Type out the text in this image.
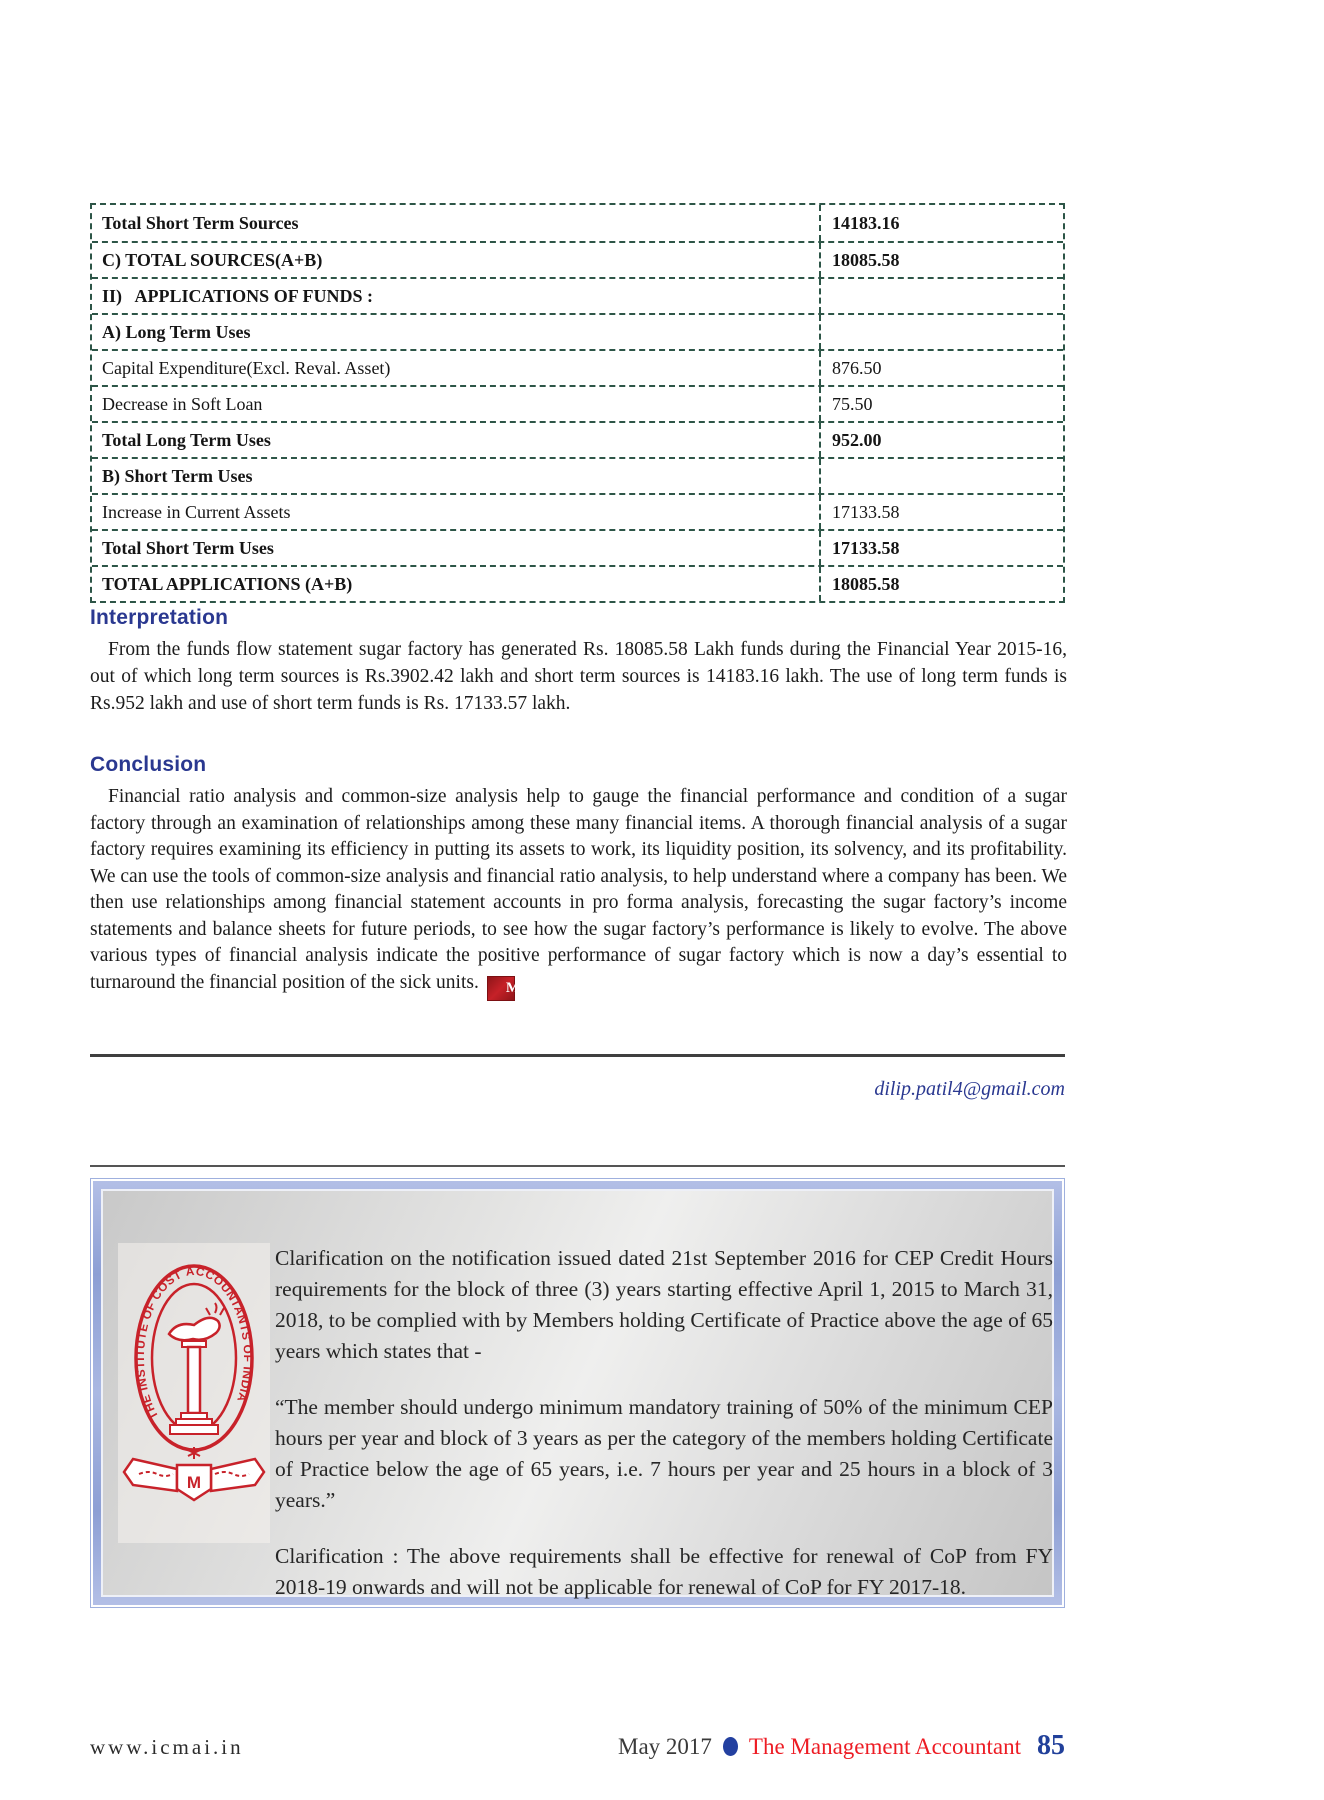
Total Short Term Sources	14183.16
C) TOTAL SOURCES(A+B)	18085.58
II)   APPLICATIONS OF FUNDS :
A) Long Term Uses
Capital Expenditure(Excl. Reval. Asset)	876.50
Decrease in Soft Loan	75.50
Total Long Term Uses	952.00
B) Short Term Uses
Increase in Current Assets	17133.58
Total Short Term Uses	17133.58
TOTAL APPLICATIONS (A+B)	18085.58
Interpretation

From the funds flow statement sugar factory has generated Rs. 18085.58 Lakh funds during the Financial Year 2015-16, out of which long term sources is Rs.3902.42 lakh and short term sources is 14183.16 lakh. The use of long term funds is Rs.952 lakh and use of short term funds is Rs. 17133.57 lakh.

Conclusion

Financial ratio analysis and common-size analysis help to gauge the financial performance and condition of a sugar factory through an examination of relationships among these many financial items. A thorough financial analysis of a sugar factory requires examining its efficiency in putting its assets to work, its liquidity position, its solvency, and its profitability. We can use the tools of common-size analysis and financial ratio analysis, to help understand where a company has been. We then use relationships among financial statement accounts in pro forma analysis, forecasting the sugar factory’s income statements and balance sheets for future periods, to see how the sugar factory’s performance is likely to evolve. The above various types of financial analysis indicate the positive performance of sugar factory which is now a day’s essential to turnaround the financial position of the sick units. MA

dilip.patil4@gmail.com
THE INSTITUTE OF COST ACCOUNTANTS OF INDIA
M

Clarification on the notification issued dated 21st September 2016 for CEP Credit Hours requirements for the block of three (3) years starting effective April 1, 2015 to March 31, 2018, to be complied with by Members holding Certificate of Practice above the age of 65 years which states that -

“The member should undergo minimum mandatory training of 50% of the minimum CEP hours per year and block of 3 years as per the category of the members holding Certificate of Practice below the age of 65 years, i.e. 7 hours per year and 25 hours in a block of 3 years.”

Clarification : The above requirements shall be effective for renewal of CoP from FY 2018-19 onwards and will not be applicable for renewal of CoP for FY 2017-18.

www.icmai.in	May 2017 The Management Accountant 85
